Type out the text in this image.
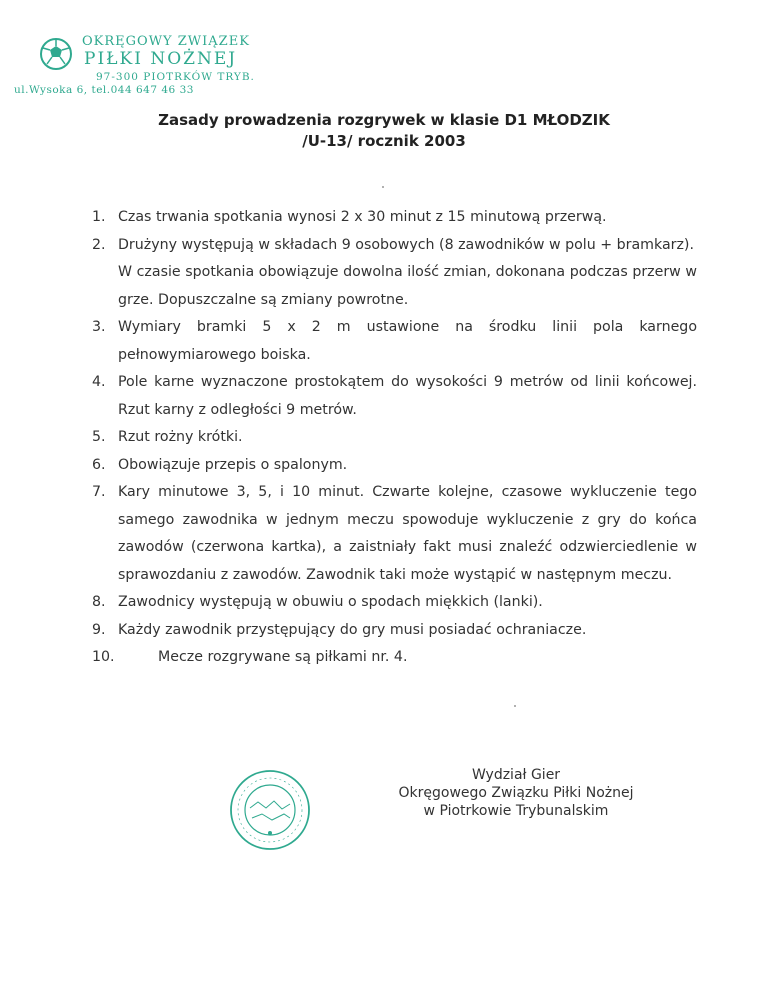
OKRĘGOWY ZWIĄZEK
PIŁKI NOŻNEJ
97-300 PIOTRKÓW TRYB.
ul.Wysoka 6, tel.044 647 46 33
Zasady prowadzenia rozgrywek w klasie D1 MŁODZIK
/U-13/ rocznik 2003
1. Czas trwania spotkania wynosi 2 x 30 minut z 15 minutową przerwą.
2. Drużyny występują w składach 9 osobowych (8 zawodników w polu + bramkarz).
W czasie spotkania obowiązuje dowolna ilość zmian, dokonana podczas przerw w grze. Dopuszczalne są zmiany powrotne.
3. Wymiary bramki 5 x 2 m ustawione na środku linii pola karnego pełnowymiarowego boiska.
4. Pole karne wyznaczone prostokątem do wysokości 9 metrów od linii końcowej. Rzut karny z odległości 9 metrów.
5. Rzut rożny krótki.
6. Obowiązuje przepis o spalonym.
7. Kary minutowe 3, 5, i 10 minut. Czwarte kolejne, czasowe wykluczenie tego samego zawodnika w jednym meczu spowoduje wykluczenie z gry do końca zawodów (czerwona kartka), a zaistniały fakt musi znaleźć odzwierciedlenie w sprawozdaniu z zawodów. Zawodnik taki może wystąpić w następnym meczu.
8. Zawodnicy występują w obuwiu o spodach miękkich (lanki).
9. Każdy zawodnik przystępujący do gry musi posiadać ochraniacze.
10.	Mecze rozgrywane są piłkami nr. 4.
Wydział Gier
Okręgowego Związku Piłki Nożnej
w Piotrkowie Trybunalskim
